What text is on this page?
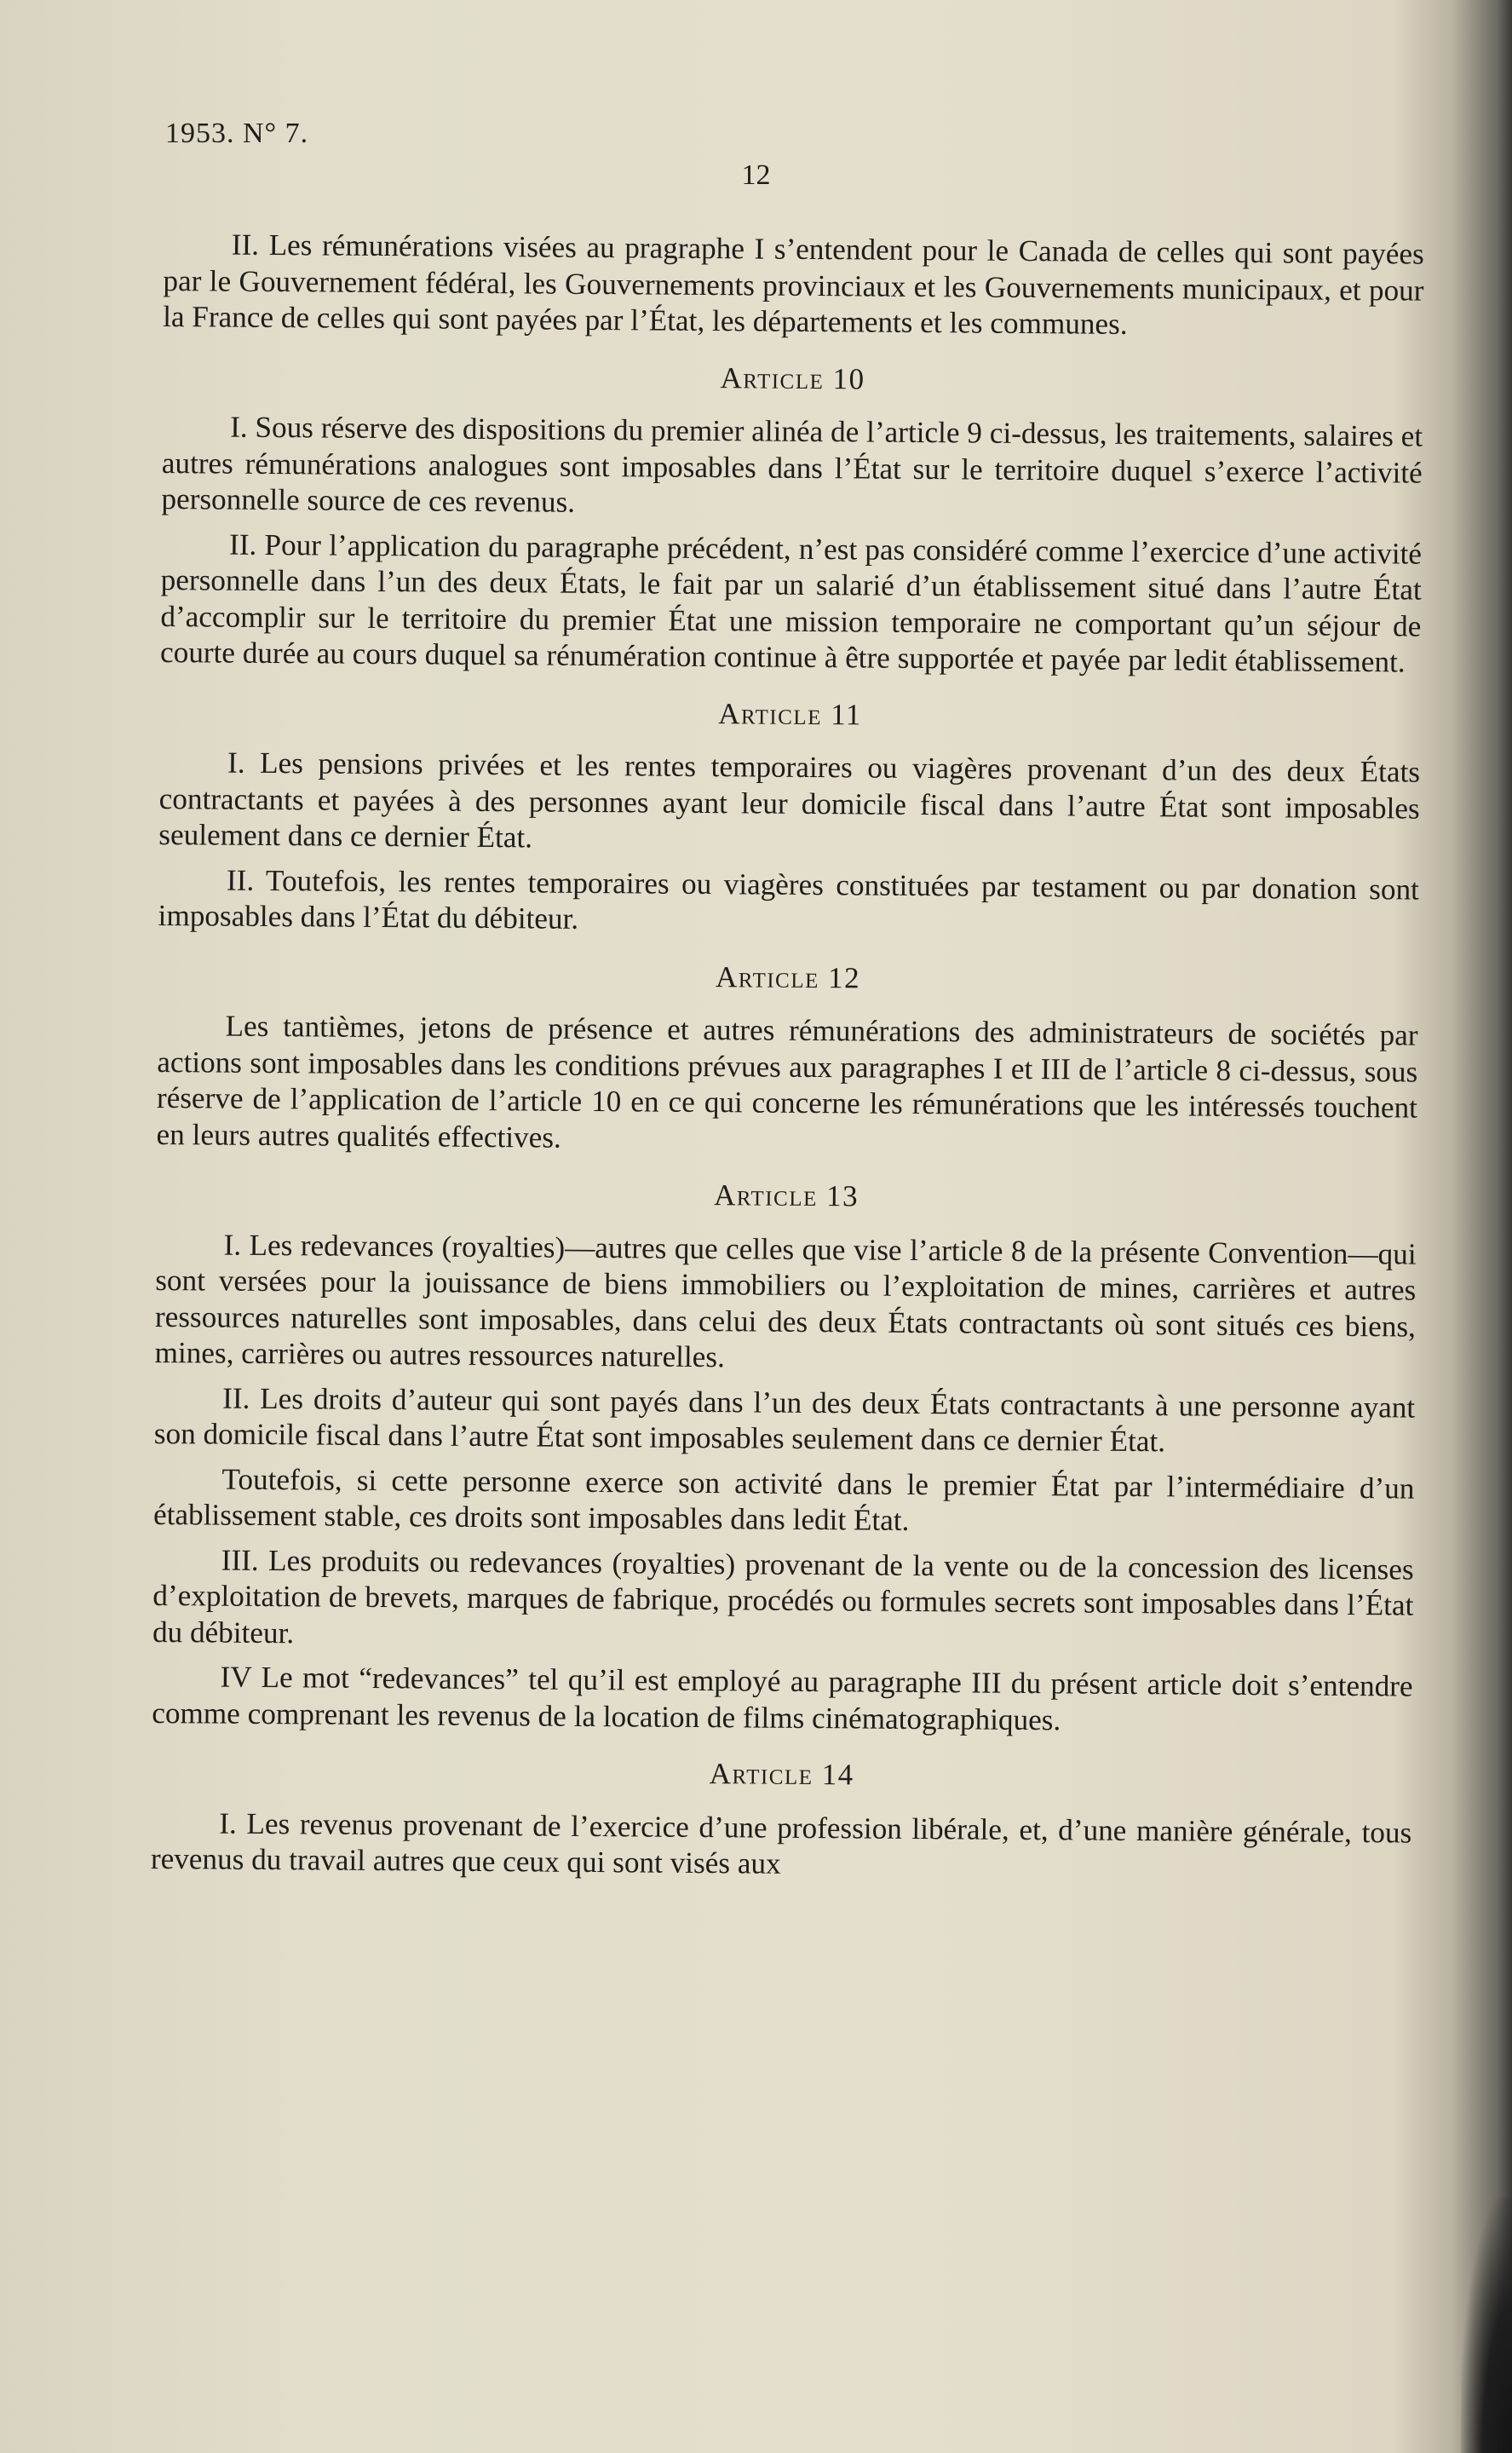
1953. N° 7.
12

II. Les rémunérations visées au pragraphe I s’entendent pour le Canada de celles qui sont payées par le Gouvernement fédéral, les Gouvernements provinciaux et les Gouvernements municipaux, et pour la France de celles qui sont payées par l’État, les départements et les communes.

Article 10

I. Sous réserve des dispositions du premier alinéa de l’article 9 ci-dessus, les traitements, salaires et autres rémunérations analogues sont imposables dans l’État sur le territoire duquel s’exerce l’activité personnelle source de ces revenus.

II. Pour l’application du paragraphe précédent, n’est pas considéré comme l’exercice d’une activité personnelle dans l’un des deux États, le fait par un salarié d’un établissement situé dans l’autre État d’accomplir sur le territoire du premier État une mission temporaire ne comportant qu’un séjour de courte durée au cours duquel sa rénumération continue à être supportée et payée par ledit établissement.

Article 11

I. Les pensions privées et les rentes temporaires ou viagères provenant d’un des deux États contractants et payées à des personnes ayant leur domicile fiscal dans l’autre État sont imposables seulement dans ce dernier État.

II. Toutefois, les rentes temporaires ou viagères constituées par testament ou par donation sont imposables dans l’État du débiteur.

Article 12

Les tantièmes, jetons de présence et autres rémunérations des administrateurs de sociétés par actions sont imposables dans les conditions prévues aux paragraphes I et III de l’article 8 ci-dessus, sous réserve de l’application de l’article 10 en ce qui concerne les rémunérations que les intéressés touchent en leurs autres qualités effectives.

Article 13

I. Les redevances (royalties)—autres que celles que vise l’article 8 de la présente Convention—qui sont versées pour la jouissance de biens immobiliers ou l’exploitation de mines, carrières et autres ressources naturelles sont imposables, dans celui des deux États contractants où sont situés ces biens, mines, carrières ou autres ressources naturelles.

II. Les droits d’auteur qui sont payés dans l’un des deux États contractants à une personne ayant son domicile fiscal dans l’autre État sont imposables seulement dans ce dernier État.

Toutefois, si cette personne exerce son activité dans le premier État par l’intermédiaire d’un établissement stable, ces droits sont imposables dans ledit État.

III. Les produits ou redevances (royalties) provenant de la vente ou de la concession des licenses d’exploitation de brevets, marques de fabrique, procédés ou formules secrets sont imposables dans l’État du débiteur.

IV Le mot “redevances” tel qu’il est employé au paragraphe III du présent article doit s’entendre comme comprenant les revenus de la location de films cinématographiques.

Article 14

I. Les revenus provenant de l’exercice d’une profession libérale, et, d’une manière générale, tous revenus du travail autres que ceux qui sont visés aux
